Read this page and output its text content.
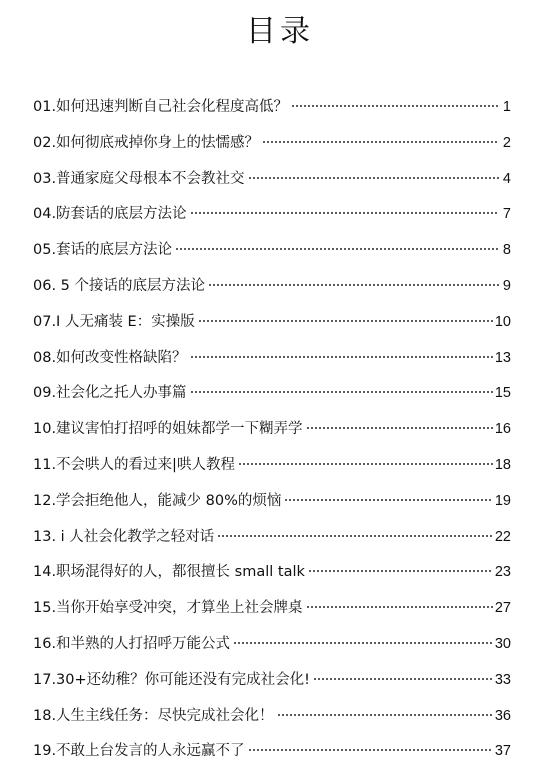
目录
01.如何迅速判断自己社会化程度高低？	1
02.如何彻底戒掉你身上的怯懦感？	2
03.普通家庭父母根本不会教社交	4
04.防套话的底层方法论	7
05.套话的底层方法论	8
06. 5 个接话的底层方法论	9
07.I 人无痛装 E：实操版	10
08.如何改变性格缺陷？	13
09.社会化之托人办事篇	15
10.建议害怕打招呼的姐妹都学一下糊弄学	16
11.不会哄人的看过来|哄人教程	18
12.学会拒绝他人，能减少 80%的烦恼	19
13. i 人社会化教学之轻对话	22
14.职场混得好的人，都很擅长 small talk	23
15.当你开始享受冲突，才算坐上社会牌桌	27
16.和半熟的人打招呼万能公式	30
17.30+还幼稚？你可能还没有完成社会化!	33
18.人生主线任务：尽快完成社会化！	36
19.不敢上台发言的人永远赢不了	37
